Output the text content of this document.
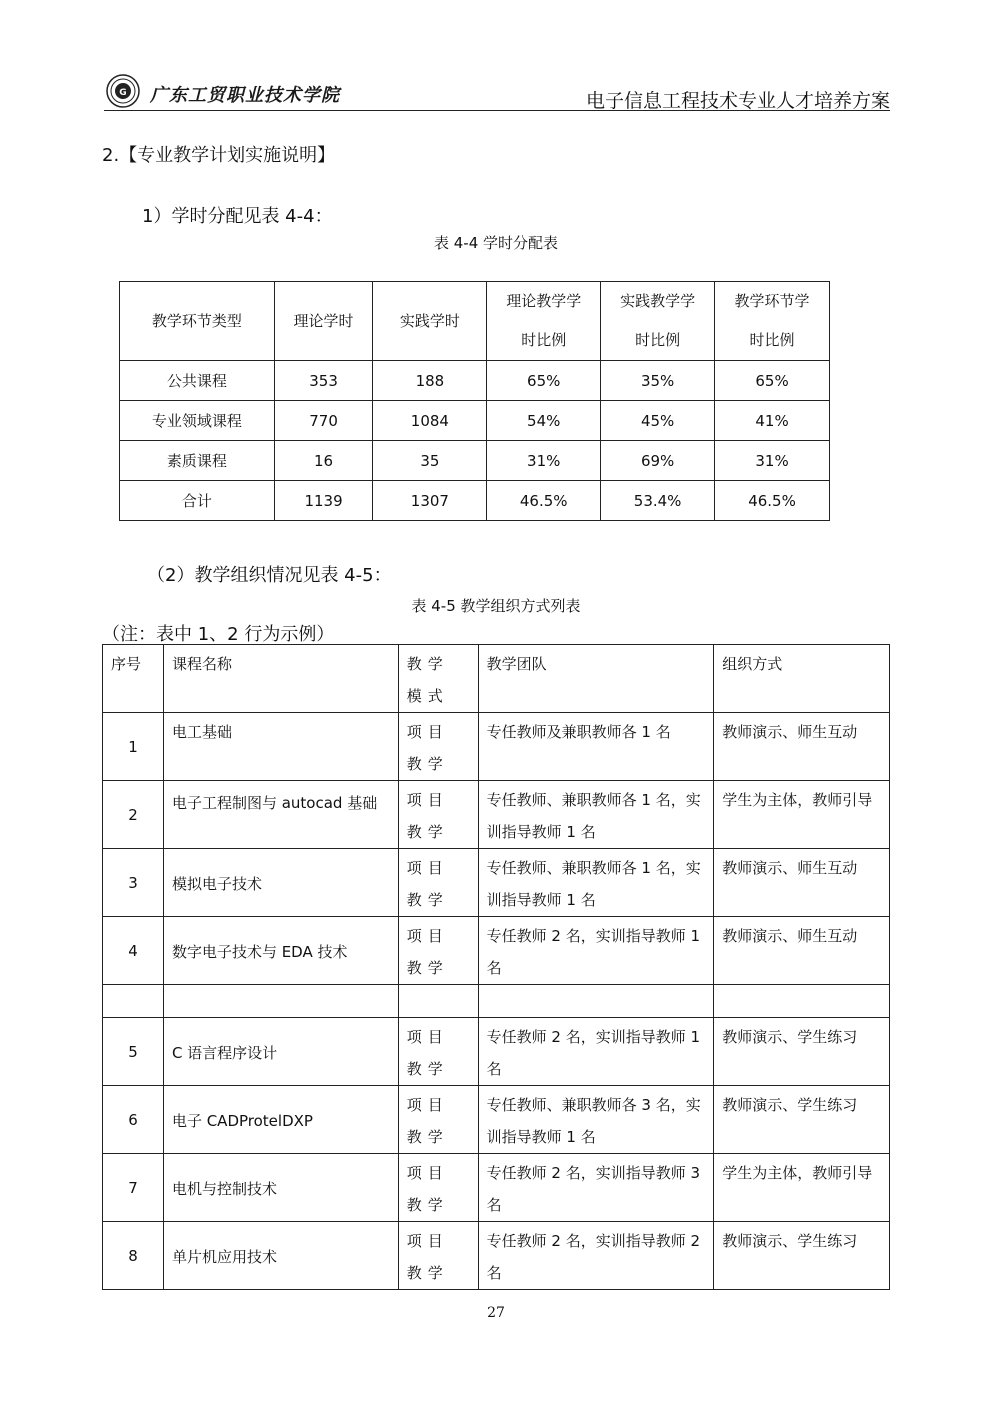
G 广东工贸职业技术学院	电子信息工程技术专业人才培养方案
2.【专业教学计划实施说明】
1）学时分配见表 4-4：
表 4-4 学时分配表
教学环节类型	理论学时	实践学时	理论教学学时比例	实践教学学时比例	教学环节学时比例

公共课程	353	188	65%	35%	65%
专业领域课程	770	1084	54%	45%	41%
素质课程	16	35	31%	69%	31%
合计	1139	1307	46.5%	53.4%	46.5%
（2）教学组织情况见表 4-5：
表 4-5 教学组织方式列表
（注：表中 1、2 行为示例）
序号	课程名称	教学模式	教学团队	组织方式
1	电工基础	项目教学	专任教师及兼职教师各 1 名	教师演示、师生互动
2	电子工程制图与 autocad 基础	项目教学	专任教师、兼职教师各 1 名，实训指导教师 1 名	学生为主体，教师引导
3	模拟电子技术	项目教学	专任教师、兼职教师各 1 名，实训指导教师 1 名	教师演示、师生互动
4	数字电子技术与 EDA 技术	项目教学	专任教师 2 名，实训指导教师 1 名	教师演示、师生互动

5	C 语言程序设计	项目教学	专任教师 2 名，实训指导教师 1 名	教师演示、学生练习
6	电子 CADProtelDXP	项目教学	专任教师、兼职教师各 3 名，实训指导教师 1 名	教师演示、学生练习
7	电机与控制技术	项目教学	专任教师 2 名，实训指导教师 3 名	学生为主体，教师引导
8	单片机应用技术	项目教学	专任教师 2 名，实训指导教师 2 名	教师演示、学生练习
27
